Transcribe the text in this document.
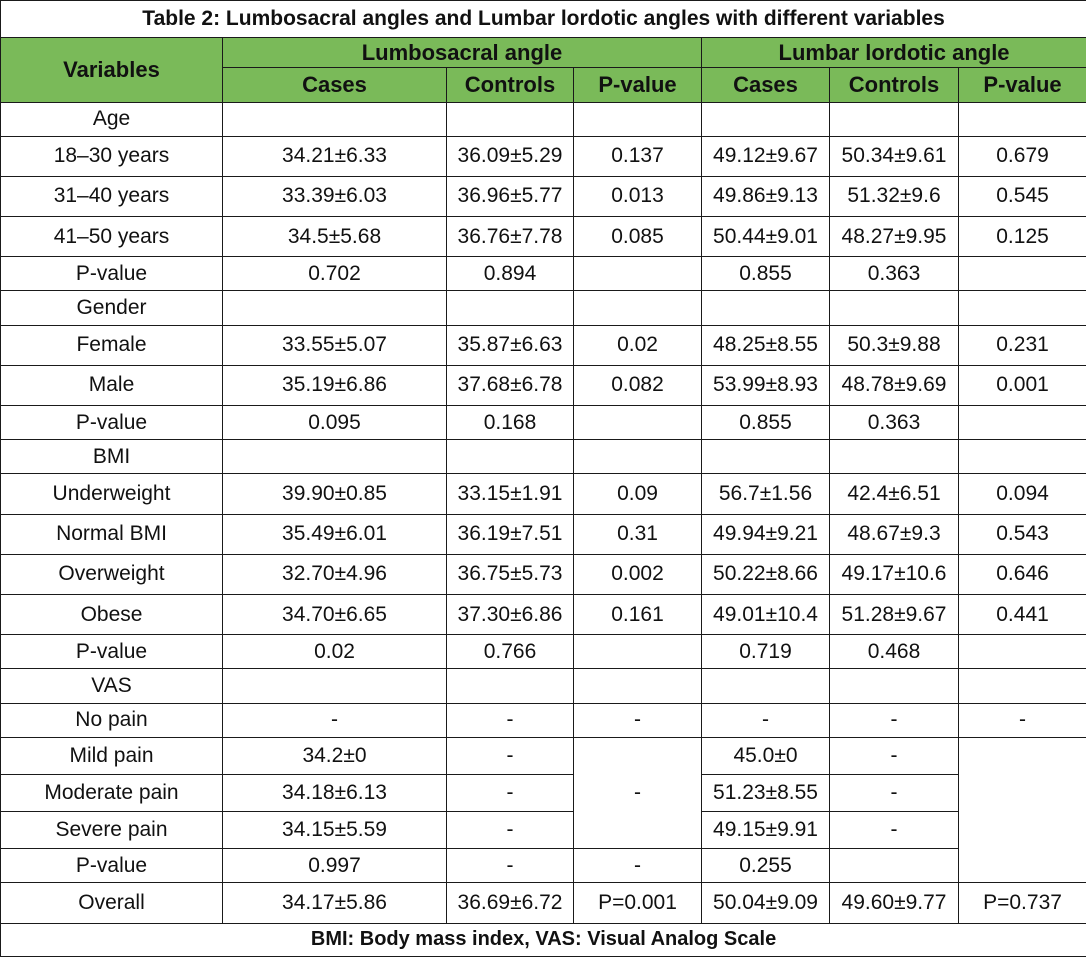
Table 2: Lumbosacral angles and Lumbar lordotic angles with different variables						
Variables	Lumbosacral angle			Lumbar lordotic angle		
	Cases	Controls	P-value	Cases	Controls	P-value
Age						
18–30 years	34.21±6.33	36.09±5.29	0.137	49.12±9.67	50.34±9.61	0.679
31–40 years	33.39±6.03	36.96±5.77	0.013	49.86±9.13	51.32±9.6	0.545
41–50 years	34.5±5.68	36.76±7.78	0.085	50.44±9.01	48.27±9.95	0.125
P-value	0.702	0.894		0.855	0.363	
Gender						
Female	33.55±5.07	35.87±6.63	0.02	48.25±8.55	50.3±9.88	0.231
Male	35.19±6.86	37.68±6.78	0.082	53.99±8.93	48.78±9.69	0.001
P-value	0.095	0.168		0.855	0.363	
BMI						
Underweight	39.90±0.85	33.15±1.91	0.09	56.7±1.56	42.4±6.51	0.094
Normal BMI	35.49±6.01	36.19±7.51	0.31	49.94±9.21	48.67±9.3	0.543
Overweight	32.70±4.96	36.75±5.73	0.002	50.22±8.66	49.17±10.6	0.646
Obese	34.70±6.65	37.30±6.86	0.161	49.01±10.4	51.28±9.67	0.441
P-value	0.02	0.766		0.719	0.468	
VAS						
No pain	-	-	-	-	-	-
Mild pain	34.2±0	-	-	45.0±0	-	
Moderate pain	34.18±6.13	-		51.23±8.55	-	
Severe pain	34.15±5.59	-		49.15±9.91	-	
P-value	0.997	-	-	0.255		
Overall	34.17±5.86	36.69±6.72	P=0.001	50.04±9.09	49.60±9.77	P=0.737
BMI: Body mass index, VAS: Visual Analog Scale						
